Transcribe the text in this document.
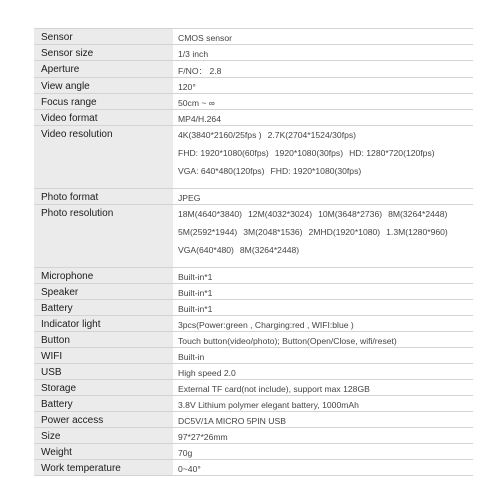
Sensor	CMOS sensor

Sensor size	1/3 inch

Aperture	F/NO： 2.8

View angle	120°

Focus range	50cm ~ ∞

Video format	MP4/H.264

Video resolution	4K(3840*2160/25fps ) 2.7K(2704*1524/30fps)
FHD: 1920*1080(60fps) 1920*1080(30fps) HD: 1280*720(120fps)
VGA: 640*480(120fps) FHD: 1920*1080(30fps)

Photo format	JPEG

Photo resolution	18M(4640*3840) 12M(4032*3024) 10M(3648*2736) 8M(3264*2448)
5M(2592*1944) 3M(2048*1536) 2MHD(1920*1080) 1.3M(1280*960)
VGA(640*480) 8M(3264*2448)

Microphone	Built-in*1

Speaker	Built-in*1

Battery	Built-in*1

Indicator light	3pcs(Power:green , Charging:red , WIFI:blue )

Button	Touch button(video/photo); Button(Open/Close, wifi/reset)

WIFI	Built-in

USB	High speed 2.0

Storage	External TF card(not include), support max 128GB

Battery	3.8V Lithium polymer elegant battery, 1000mAh

Power access	DC5V/1A MICRO 5PIN USB

Size	97*27*26mm

Weight	70g

Work temperature	0~40°
